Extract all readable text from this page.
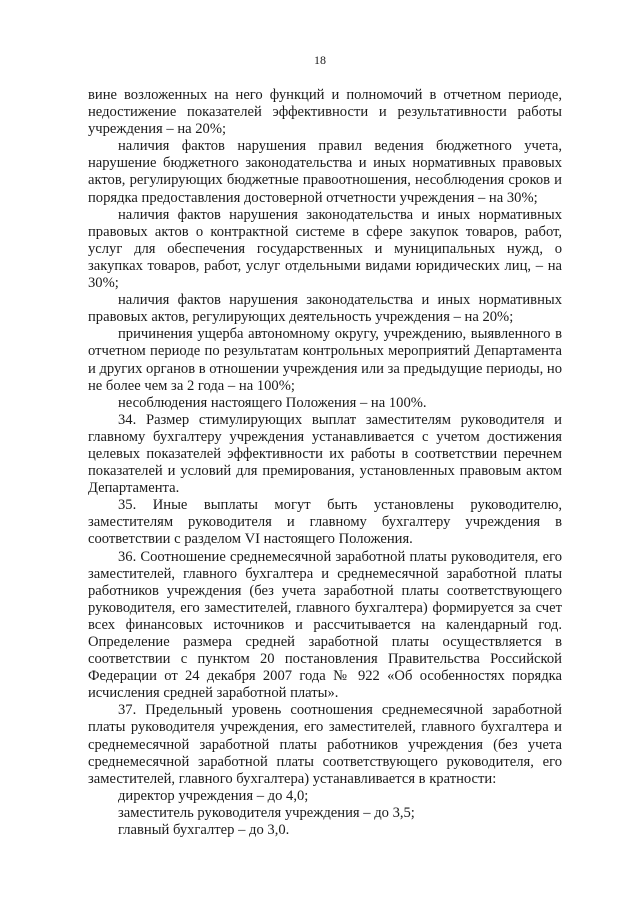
18

вине возложенных на него функций и полномочий в отчетном периоде, недостижение показателей эффективности и результативности работы учреждения – на 20%;

наличия фактов нарушения правил ведения бюджетного учета, нарушение бюджетного законодательства и иных нормативных правовых актов, регулирующих бюджетные правоотношения, несоблюдения сроков и порядка предоставления достоверной отчетности учреждения – на 30%;

наличия фактов нарушения законодательства и иных нормативных правовых актов о контрактной системе в сфере закупок товаров, работ, услуг для обеспечения государственных и муниципальных нужд, о закупках товаров, работ, услуг отдельными видами юридических лиц, – на 30%;

наличия фактов нарушения законодательства и иных нормативных правовых актов, регулирующих деятельность учреждения – на 20%;

причинения ущерба автономному округу, учреждению, выявленного в отчетном периоде по результатам контрольных мероприятий Департамента и других органов в отношении учреждения или за предыдущие периоды, но не более чем за 2 года – на 100%;

несоблюдения настоящего Положения – на 100%.

34. Размер стимулирующих выплат заместителям руководителя и главному бухгалтеру учреждения устанавливается с учетом достижения целевых показателей эффективности их работы в соответствии перечнем показателей и условий для премирования, установленных правовым актом Департамента.

35. Иные выплаты могут быть установлены руководителю, заместителям руководителя и главному бухгалтеру учреждения в соответствии с разделом VI настоящего Положения.

36. Соотношение среднемесячной заработной платы руководителя, его заместителей, главного бухгалтера и среднемесячной заработной платы работников учреждения (без учета заработной платы соответствующего руководителя, его заместителей, главного бухгалтера) формируется за счет всех финансовых источников и рассчитывается на календарный год. Определение размера средней заработной платы осуществляется в соответствии с пунктом 20 постановления Правительства Российской Федерации от 24 декабря 2007 года № 922 «Об особенностях порядка исчисления средней заработной платы».

37. Предельный уровень соотношения среднемесячной заработной платы руководителя учреждения, его заместителей, главного бухгалтера и среднемесячной заработной платы работников учреждения (без учета среднемесячной заработной платы соответствующего руководителя, его заместителей, главного бухгалтера) устанавливается в кратности:

директор учреждения – до 4,0;

заместитель руководителя учреждения – до 3,5;

главный бухгалтер – до 3,0.
